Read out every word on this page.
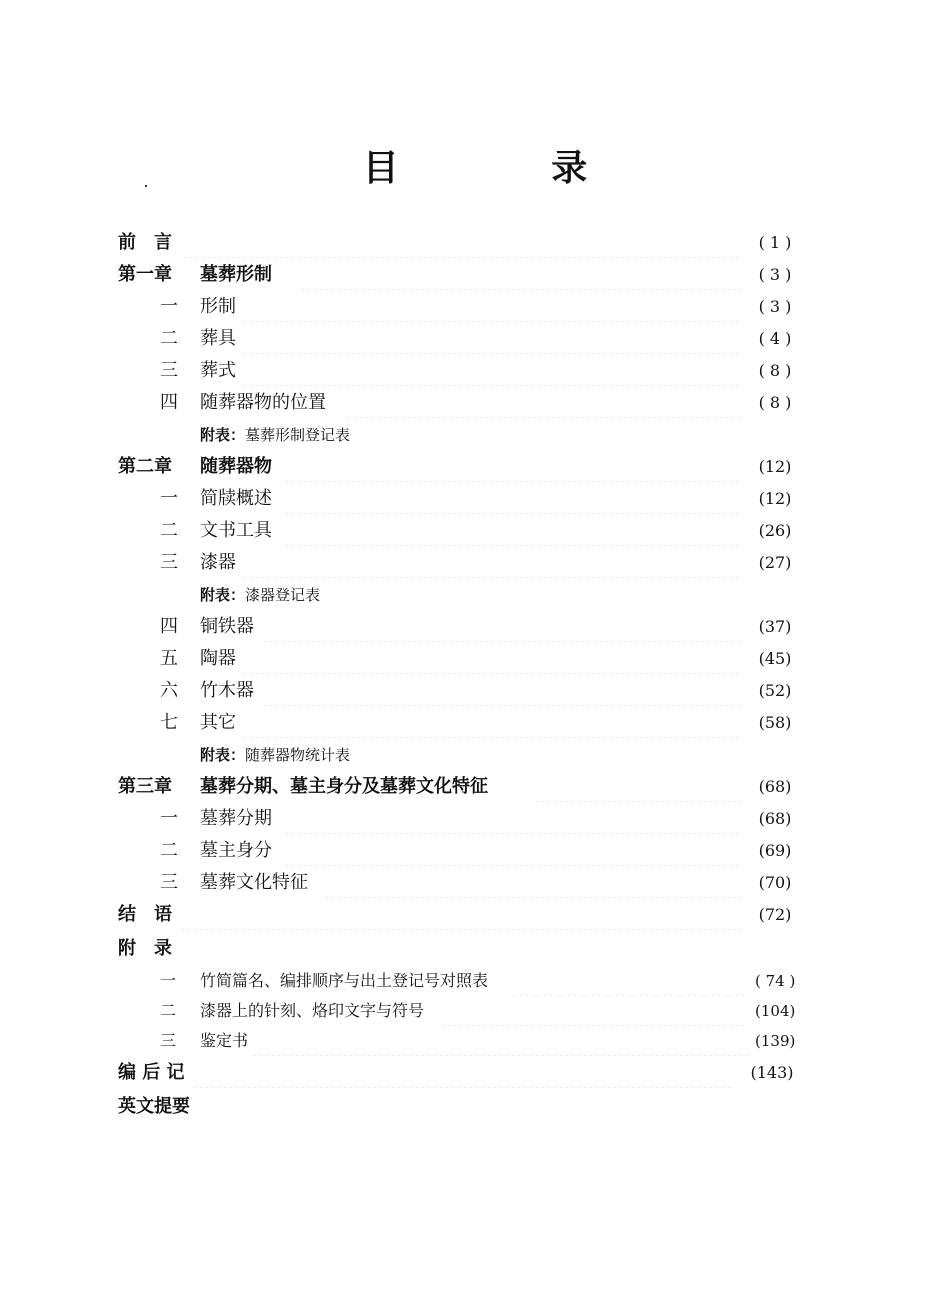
目 录
前　言	( 1 )
第一章 墓葬形制	( 3 )
一 形制	( 3 )
二 葬具	( 4 )
三 葬式	( 8 )
四 随葬器物的位置	( 8 )
附表：墓葬形制登记表
第二章 随葬器物	(12)
一 简牍概述	(12)
二 文书工具	(26)
三 漆器	(27)
附表：漆器登记表
四 铜铁器	(37)
五 陶器	(45)
六 竹木器	(52)
七 其它	(58)
附表：随葬器物统计表
第三章 墓葬分期、墓主身分及墓葬文化特征	(68)
一 墓葬分期	(68)
二 墓主身分	(69)
三 墓葬文化特征	(70)
结　语	(72)
附　录
一 竹简篇名、编排顺序与出土登记号对照表	( 74 )
二 漆器上的针刻、烙印文字与符号	(104)
三 鉴定书	(139)
编 后 记	(143)
英文提要
